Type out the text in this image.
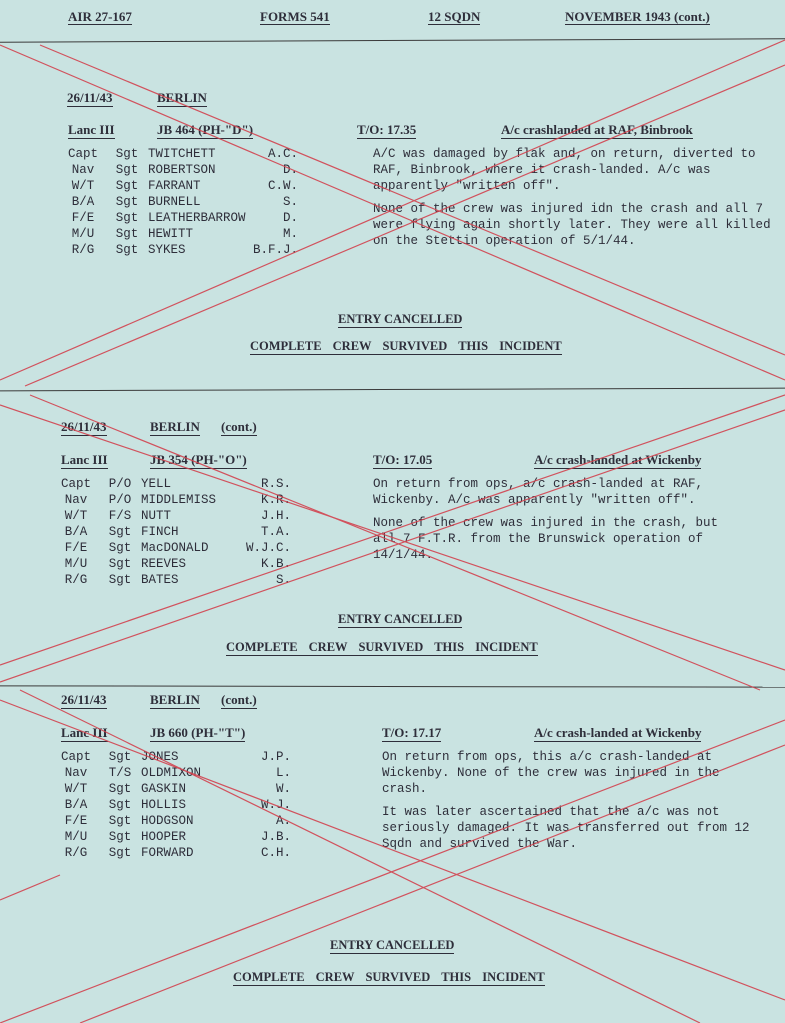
AIR 27-167	FORMS 541	12 SQDN	NOVEMBER 1943 (cont.)
26/11/43	BERLIN
Lanc III	JB 464 (PH-"D")	T/O: 17.35	A/c crashlanded at RAF, Binbrook
Capt	Sgt	TWITCHETT	A.C.
Nav	Sgt	ROBERTSON	D.
W/T	Sgt	FARRANT	C.W.
B/A	Sgt	BURNELL	S.
F/E	Sgt	LEATHERBARROW	D.
M/U	Sgt	HEWITT	M.
R/G	Sgt	SYKES	B.F.J.

A/C was damaged by flak and, on return, diverted to RAF, Binbrook, where it crash-landed. A/c was apparently "written off".

None of the crew was injured idn the crash and all 7 were flying again shortly later. They were all killed on the Stettin operation of 5/1/44.

ENTRY CANCELLED
COMPLETE CREW SURVIVED THIS INCIDENT
26/11/43	BERLIN (cont.)
Lanc III	JB 354 (PH-"O")	T/O: 17.05	A/c crash-landed at Wickenby
Capt	P/O	YELL	R.S.
Nav	P/O	MIDDLEMISS	K.R.
W/T	F/S	NUTT	J.H.
B/A	Sgt	FINCH	T.A.
F/E	Sgt	MacDONALD	W.J.C.
M/U	Sgt	REEVES	K.B.
R/G	Sgt	BATES	S.

On return from ops, a/c crash-landed at RAF, Wickenby. A/c was apparently "written off".

None of the crew was injured in the crash, but all 7 F.T.R. from the Brunswick operation of 14/1/44.

ENTRY CANCELLED
COMPLETE CREW SURVIVED THIS INCIDENT
26/11/43	BERLIN (cont.)
Lanc III	JB 660 (PH-"T")	T/O: 17.17	A/c crash-landed at Wickenby
Capt	Sgt	JONES	J.P.
Nav	T/S	OLDMIXON	L.
W/T	Sgt	GASKIN	W.
B/A	Sgt	HOLLIS	W.J.
F/E	Sgt	HODGSON	A.
M/U	Sgt	HOOPER	J.B.
R/G	Sgt	FORWARD	C.H.

On return from ops, this a/c crash-landed at Wickenby. None of the crew was injured in the crash.

It was later ascertained that the a/c was not seriously damaged. It was transferred out from 12 Sqdn and survived the War.

ENTRY CANCELLED
COMPLETE CREW SURVIVED THIS INCIDENT
